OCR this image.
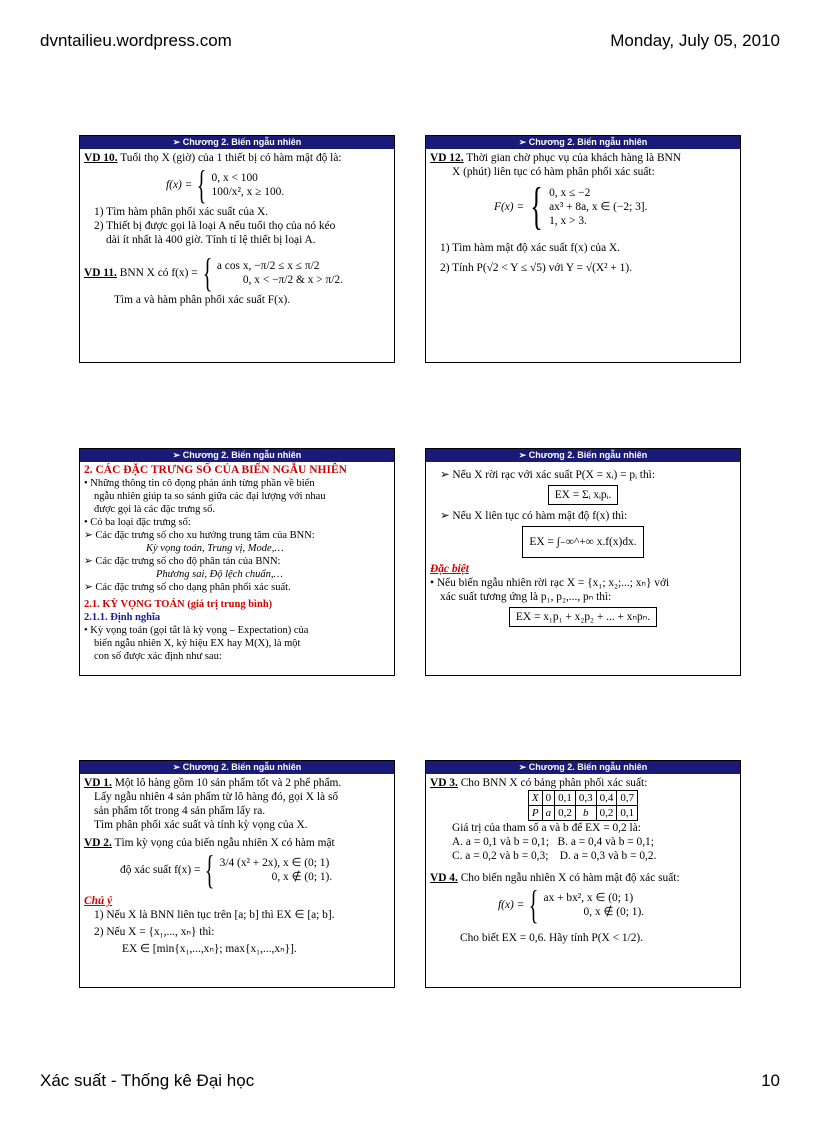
dvntailieu.wordpress.com	Monday, July 05, 2010
➢ Chương 2. Biến ngẫu nhiên
VD 10. Tuổi thọ X (giờ) của 1 thiết bị có hàm mật độ là:
f(x) = { 0, x < 100
100/x², x ≥ 100.
1) Tìm hàm phân phối xác suất của X.
2) Thiết bị được gọi là loại A nếu tuổi thọ của nó kéo
dài ít nhất là 400 giờ. Tính tỉ lệ thiết bị loại A.
VD 11.
BNN X có f(x) = { a cos x, −π/2 ≤ x ≤ π/2
0, x < −π/2 & x > π/2.
Tìm a và hàm phân phối xác suất F(x).
➢ Chương 2. Biến ngẫu nhiên
VD 12. Thời gian chờ phục vụ của khách hàng là BNN
X (phút) liên tục có hàm phân phối xác suất:
F(x) = { 0, x ≤ −2
ax³ + 8a, x ∈ (−2; 3].
1, x > 3.
1) Tìm hàm mật độ xác suất f(x) của X.
2) Tính P(√2 < Y ≤ √5) với Y = √(X² + 1).
➢ Chương 2. Biến ngẫu nhiên
2. CÁC ĐẶC TRƯNG SỐ CỦA BIẾN NGẪU NHIÊN
• Những thông tin cô đọng phản ánh từng phần về biến
ngẫu nhiên giúp ta so sánh giữa các đại lượng với nhau
được gọi là các đặc trưng số.
• Có ba loại đặc trưng số:
➢ Các đặc trưng số cho xu hướng trung tâm của BNN:
Kỳ vọng toán, Trung vị, Mode,…
➢ Các đặc trưng số cho độ phân tán của BNN:
Phương sai, Độ lệch chuẩn,…
➢ Các đặc trưng số cho dạng phân phối xác suất.
2.1. KỲ VỌNG TOÁN (giá trị trung bình)
2.1.1. Định nghĩa
• Kỳ vọng toán (gọi tắt là kỳ vọng – Expectation) của
biến ngẫu nhiên X, ký hiệu EX hay M(X), là một
con số được xác định như sau:
➢ Chương 2. Biến ngẫu nhiên
➢ Nếu X rời rạc với xác suất P(X = xᵢ) = pᵢ thì:
EX = Σᵢ xᵢpᵢ.
➢ Nếu X liên tục có hàm mật độ f(x) thì:
EX = ∫₋∞^+∞ x.f(x)dx.
Đặc biệt
• Nếu biến ngẫu nhiên rời rạc X = {x₁; x₂;...; xₙ} với
xác suất tương ứng là p₁, p₂,..., pₙ thì:
EX = x₁p₁ + x₂p₂ + ... + xₙpₙ.
➢ Chương 2. Biến ngẫu nhiên
VD 1. Một lô hàng gồm 10 sản phẩm tốt và 2 phế phẩm.
Lấy ngẫu nhiên 4 sản phẩm từ lô hàng đó, gọi X là số
sản phẩm tốt trong 4 sản phẩm lấy ra.
Tìm phân phối xác suất và tính kỳ vọng của X.
VD 2. Tìm kỳ vọng của biến ngẫu nhiên X có hàm mật
độ xác suất f(x) = { 3/4 (x² + 2x), x ∈ (0; 1)
0, x ∉ (0; 1).
Chú ý
1) Nếu X là BNN liên tục trên [a; b] thì EX ∈ [a; b].
2) Nếu X = {x₁,..., xₙ} thì:
EX ∈ [min{x₁,...,xₙ}; max{x₁,...,xₙ}].
➢ Chương 2. Biến ngẫu nhiên
VD 3. Cho BNN X có bảng phân phối xác suất:
X	0	0,1	0,3	0,4	0,7
P	a	0,2	b	0,2	0,1
Giá trị của tham số a và b để EX = 0,2 là:
A. a = 0,1 và b = 0,1; B. a = 0,4 và b = 0,1;
C. a = 0,2 và b = 0,3; D. a = 0,3 và b = 0,2.
VD 4. Cho biến ngẫu nhiên X có hàm mật độ xác suất:
f(x) = { ax + bx², x ∈ (0; 1)
0, x ∉ (0; 1).
Cho biết EX = 0,6. Hãy tính P(X < 1/2).
Xác suất - Thống kê Đại học	10
